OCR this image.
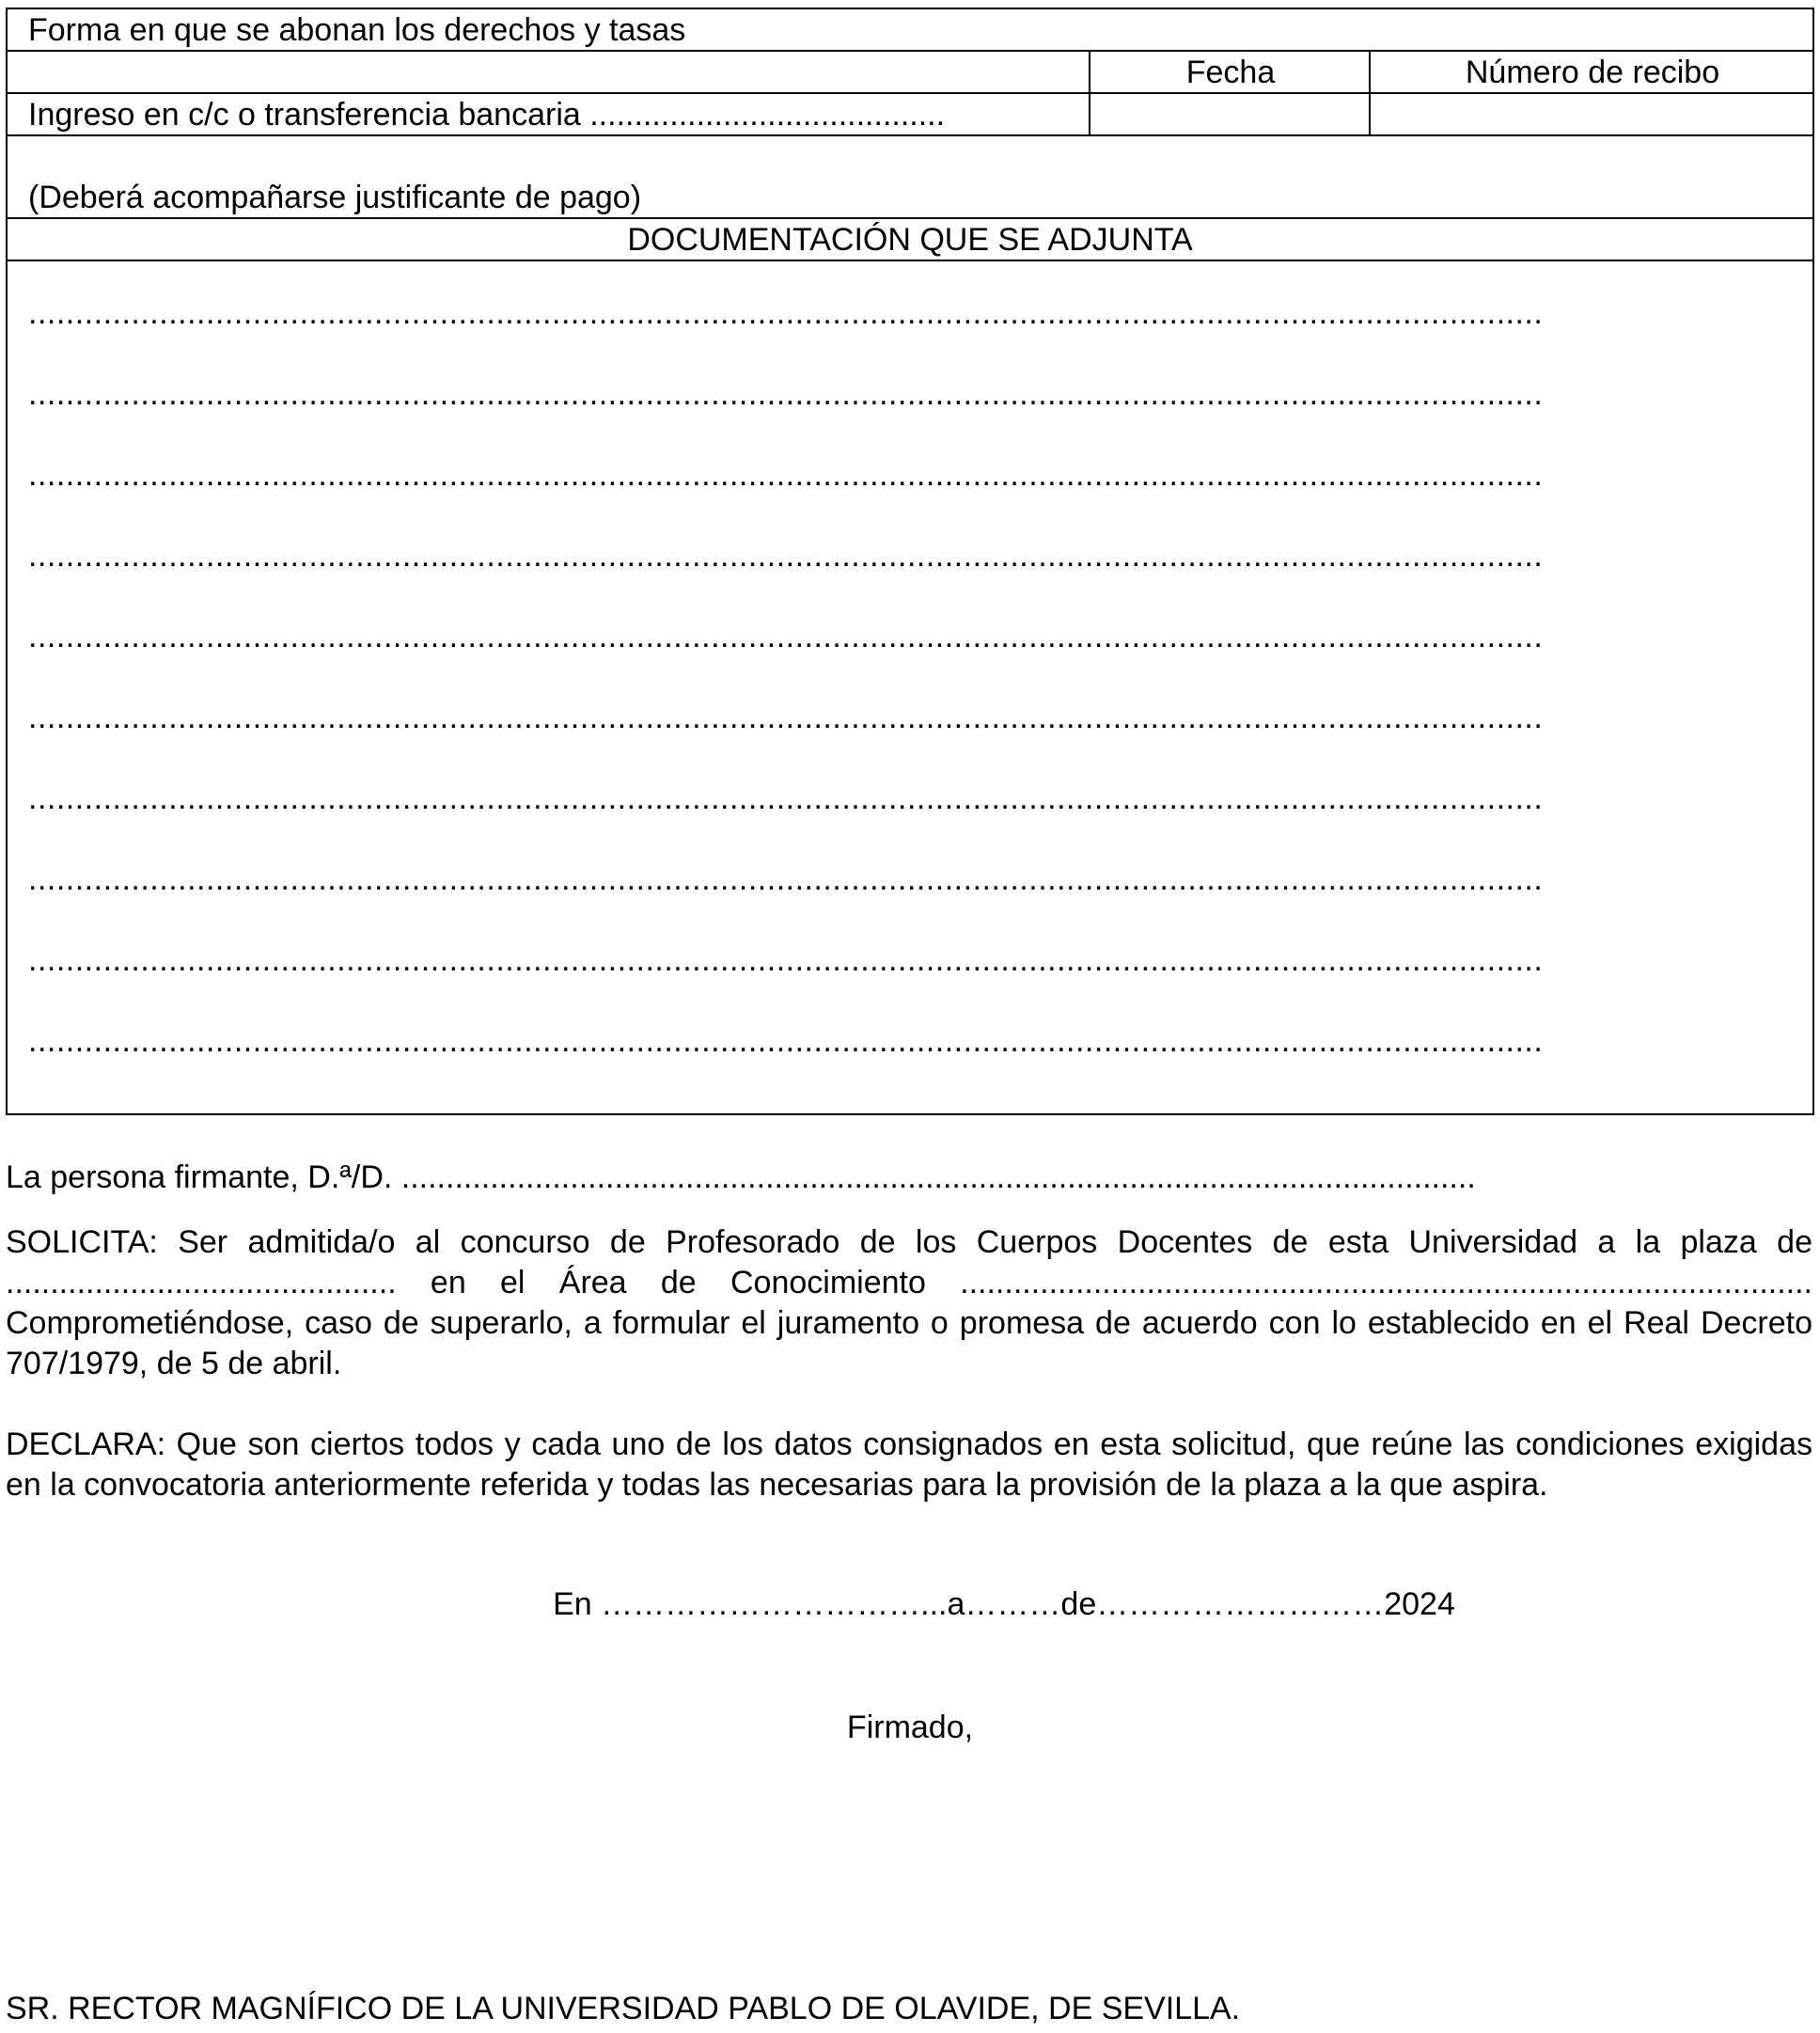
Forma en que se abonan los derechos y tasas
Fecha	Número de recibo
Ingreso en c/c o transferencia bancaria ........................................
(Deberá acompañarse justificante de pago)
DOCUMENTACIÓN QUE SE ADJUNTA
..................................................................................................................................................................
..................................................................................................................................................................
..................................................................................................................................................................
..................................................................................................................................................................
..................................................................................................................................................................
..................................................................................................................................................................
..................................................................................................................................................................
..................................................................................................................................................................
..................................................................................................................................................................
..................................................................................................................................................................
La persona firmante, D.ª/D. .........................................................................................................................
SOLICITA: Ser admitida/o al concurso de Profesorado de los Cuerpos Docentes de esta Universidad a la plaza de ............................................ en el Área de Conocimiento ................................................................................................ Comprometiéndose, caso de superarlo, a formular el juramento o promesa de acuerdo con lo establecido en el Real Decreto 707/1979, de 5 de abril.
DECLARA: Que son ciertos todos y cada uno de los datos consignados en esta solicitud, que reúne las condiciones exigidas en la convocatoria anteriormente referida y todas las necesarias para la provisión de la plaza a la que aspira.
En …………………………...a………de………………………2024
Firmado,
SR. RECTOR MAGNÍFICO DE LA UNIVERSIDAD PABLO DE OLAVIDE, DE SEVILLA.
